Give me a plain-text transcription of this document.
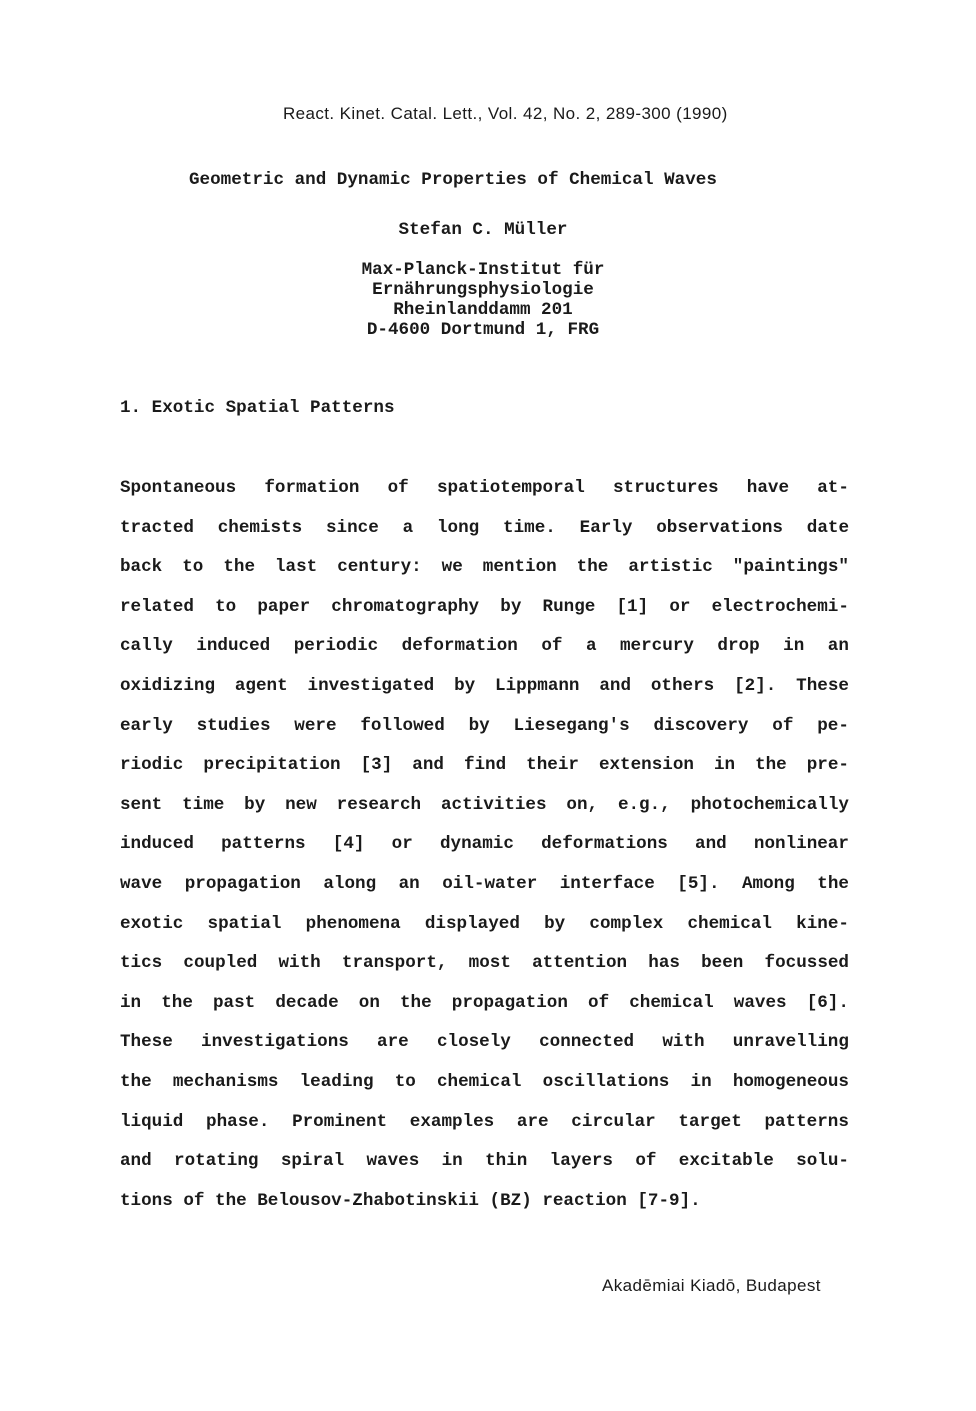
React. Kinet. Catal. Lett., Vol. 42, No. 2, 289-300 (1990)
Geometric and Dynamic Properties of Chemical Waves
Stefan C. Müller
Max-Planck-Institut für
Ernährungsphysiologie
Rheinlanddamm 201
D-4600 Dortmund 1, FRG
1. Exotic Spatial Patterns
Spontaneous formation of spatiotemporal structures have at-
tracted chemists since a long time. Early observations date
back to the last century: we mention the artistic "paintings"
related to paper chromatography by Runge [1] or electrochemi-
cally induced periodic deformation of a mercury drop in an
oxidizing agent investigated by Lippmann and others [2]. These
early studies were followed by Liesegang's discovery of pe-
riodic precipitation [3] and find their extension in the pre-
sent time by new research activities on, e.g., photochemically
induced patterns [4] or dynamic deformations and nonlinear
wave propagation along an oil-water interface [5]. Among the
exotic spatial phenomena displayed by complex chemical kine-
tics coupled with transport, most attention has been focussed
in the past decade on the propagation of chemical waves [6].
These investigations are closely connected with unravelling
the mechanisms leading to chemical oscillations in homogeneous
liquid phase. Prominent examples are circular target patterns
and rotating spiral waves in thin layers of excitable solu-
tions of the Belousov-Zhabotinskii (BZ) reaction [7-9].
Akadēmiai Kiadō, Budapest
